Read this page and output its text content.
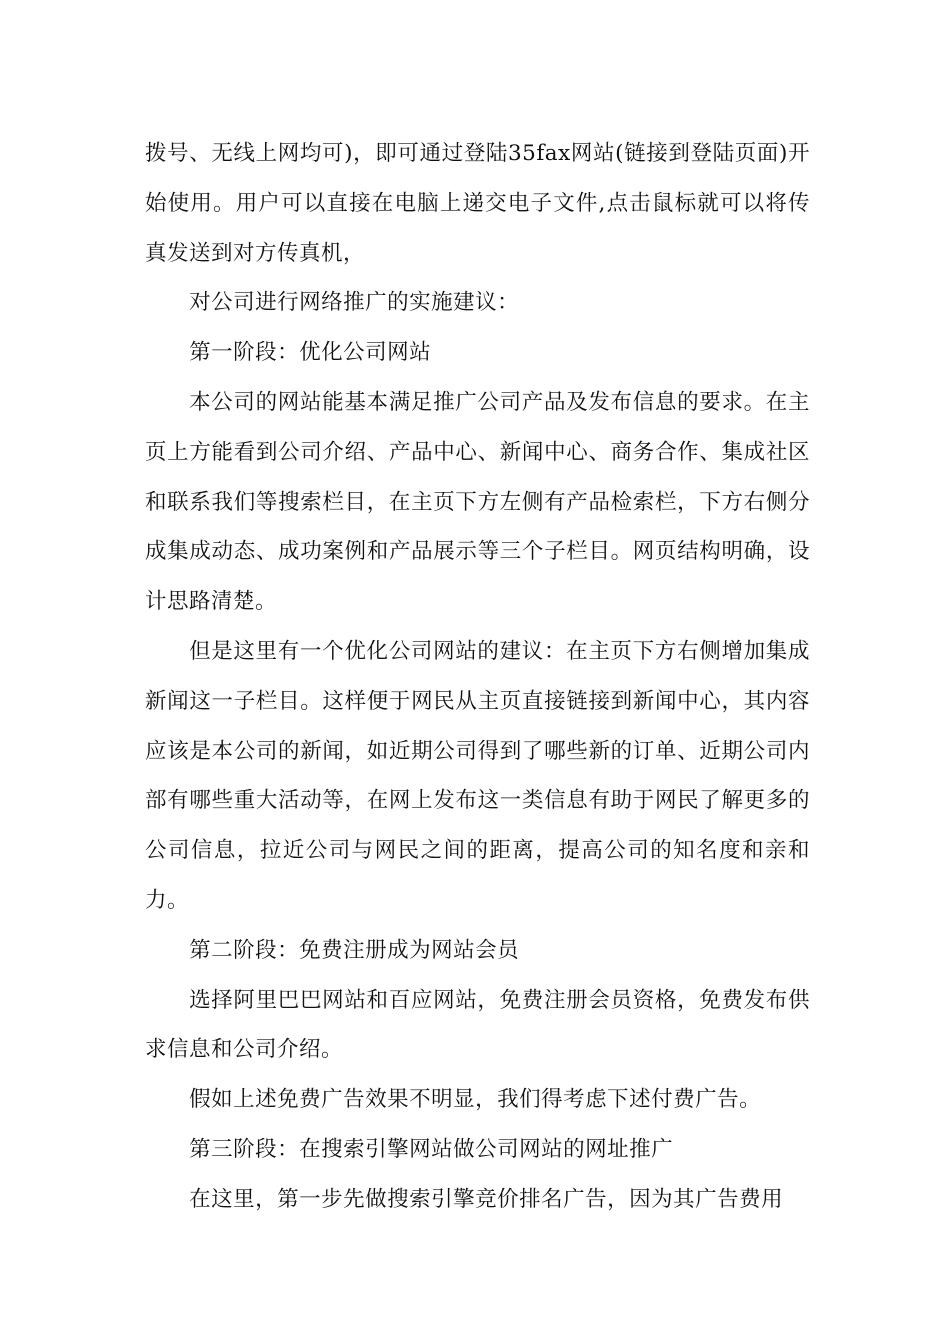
拨号、无线上网均可)，即可通过登陆35fax网站(链接到登陆页面)开始使用。用户可以直接在电脑上递交电子文件,点击鼠标就可以将传真发送到对方传真机，

对公司进行网络推广的实施建议：

第一阶段：优化公司网站

本公司的网站能基本满足推广公司产品及发布信息的要求。在主页上方能看到公司介绍、产品中心、新闻中心、商务合作、集成社区和联系我们等搜索栏目，在主页下方左侧有产品检索栏，下方右侧分成集成动态、成功案例和产品展示等三个子栏目。网页结构明确，设计思路清楚。

但是这里有一个优化公司网站的建议：在主页下方右侧增加集成新闻这一子栏目。这样便于网民从主页直接链接到新闻中心，其内容应该是本公司的新闻，如近期公司得到了哪些新的订单、近期公司内部有哪些重大活动等，在网上发布这一类信息有助于网民了解更多的公司信息，拉近公司与网民之间的距离，提高公司的知名度和亲和力。

第二阶段：免费注册成为网站会员

选择阿里巴巴网站和百应网站，免费注册会员资格，免费发布供求信息和公司介绍。

假如上述免费广告效果不明显，我们得考虑下述付费广告。

第三阶段：在搜索引擎网站做公司网站的网址推广

在这里，第一步先做搜索引擎竞价排名广告，因为其广告费用
